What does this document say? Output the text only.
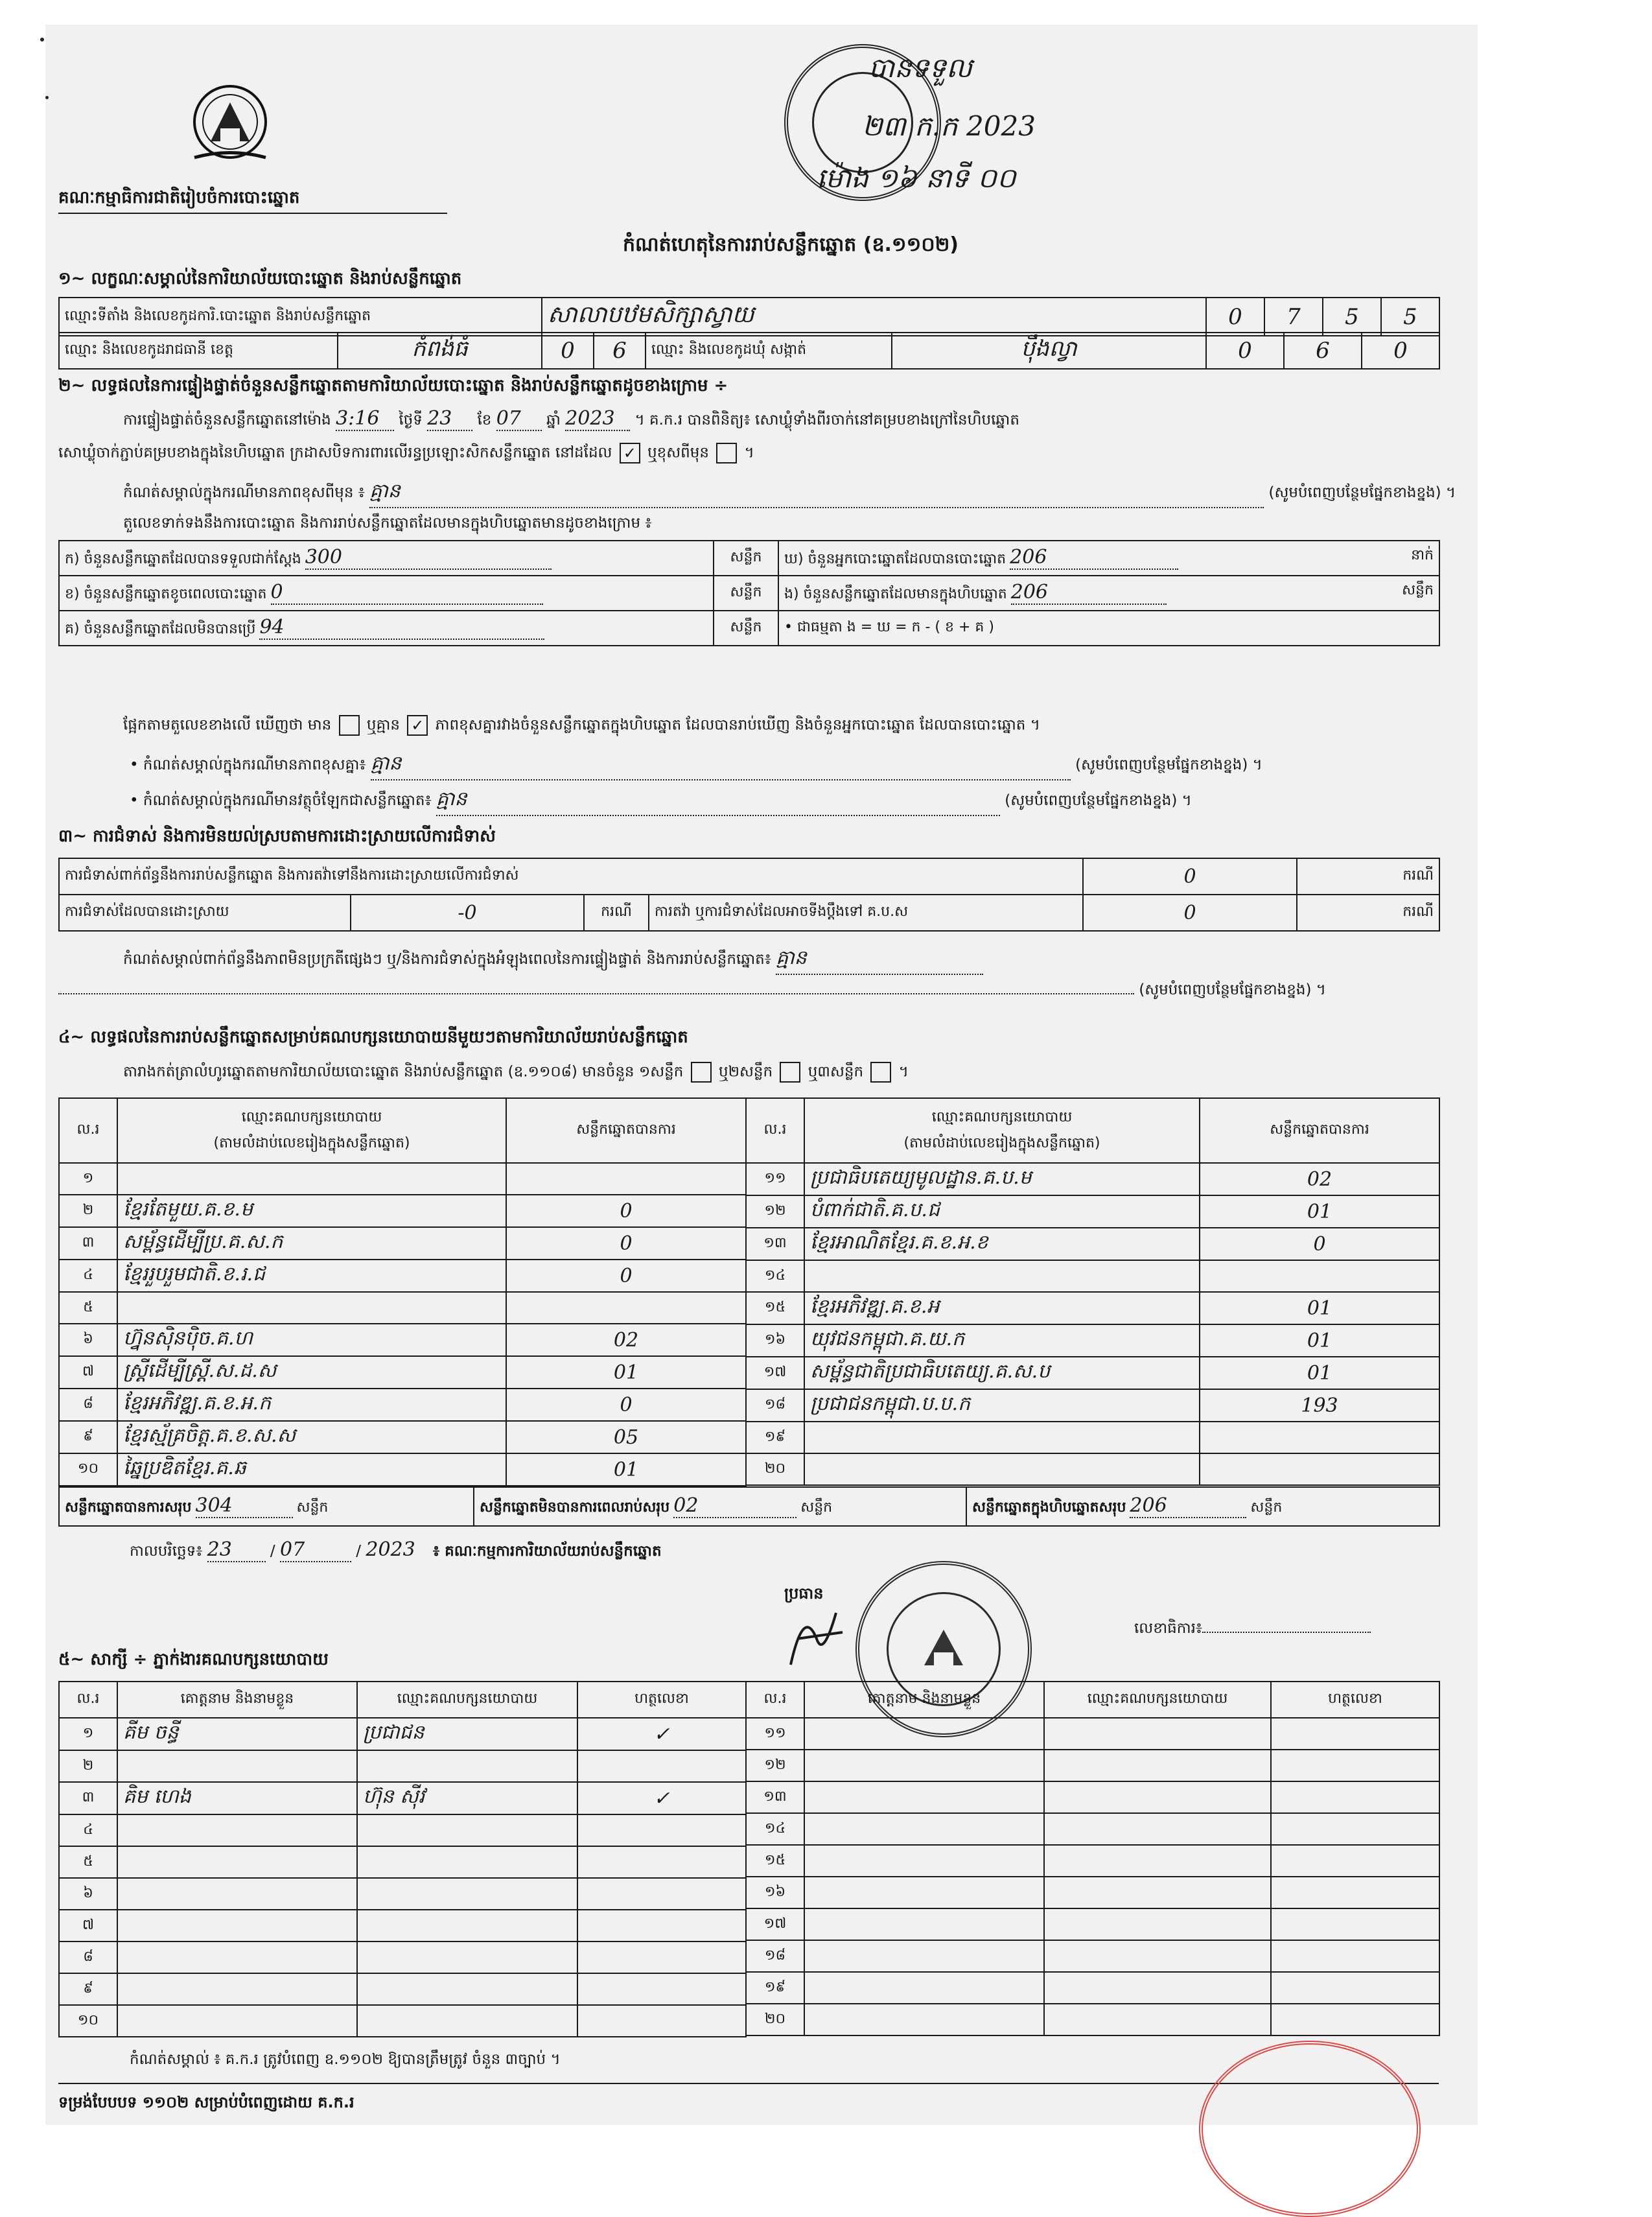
គណៈកម្មាធិការជាតិរៀបចំការបោះឆ្នោត
បានទទួល
២៣ ក.ក 2023
ម៉ោង ១៦ នាទី ០០
កំណត់ហេតុនៃការរាប់សន្លឹកឆ្នោត (ឧ.១១០២)
១~ លក្ខណៈសម្គាល់នៃការិយាល័យបោះឆ្នោត និងរាប់សន្លឹកឆ្នោត
ឈ្មោះទីតាំង និងលេខកូដការិ.បោះឆ្នោត និងរាប់សន្លឹកឆ្នោត	សាលាបឋមសិក្សាស្វាយ	0	7	5	5
ឈ្មោះ និងលេខកូដរាជធានី ខេត្ត	កំពង់ធំ	0	6	ឈ្មោះ និងលេខកូដឃុំ សង្កាត់	ប៉ឹងល្វា	0	6	0
២~ លទ្ធផលនៃការផ្ទៀងផ្ទាត់ចំនួនសន្លឹកឆ្នោតតាមការិយាល័យបោះឆ្នោត និងរាប់សន្លឹកឆ្នោតដូចខាងក្រោម ÷
ការផ្ទៀងផ្ទាត់ចំនួនសន្លឹកឆ្នោតនៅម៉ោង 3:16 ថ្ងៃទី 23 ខែ 07 ឆ្នាំ 2023 ។ គ.ក.រ បានពិនិត្យ៖ សោឃ្លុំទាំងពីរចាក់នៅគម្របខាងក្រៅនៃហិបឆ្នោត
សោឃ្លុំចាក់ភ្ជាប់គម្របខាងក្នុងនៃហិបឆ្នោត ក្រដាសបិទការពារលើរន្ធប្រឡោះសិកសន្លឹកឆ្នោត នៅដដែល ✓ ឬខុសពីមុន ។
កំណត់សម្គាល់ក្នុងករណីមានភាពខុសពីមុន ៖ គ្មាន	(សូមបំពេញបន្ថែមផ្នែកខាងខ្នង) ។
តួលេខទាក់ទងនឹងការបោះឆ្នោត និងការរាប់សន្លឹកឆ្នោតដែលមានក្នុងហិបឆ្នោតមានដូចខាងក្រោម ៖
ក) ចំនួនសន្លឹកឆ្នោតដែលបានទទួលជាក់ស្តែង 300	សន្លឹក	ឃ) ចំនួនអ្នកបោះឆ្នោតដែលបានបោះឆ្នោត 206 នាក់

ខ) ចំនួនសន្លឹកឆ្នោតខូចពេលបោះឆ្នោត 0	សន្លឹក	ង) ចំនួនសន្លឹកឆ្នោតដែលមានក្នុងហិបឆ្នោត 206 សន្លឹក

គ) ចំនួនសន្លឹកឆ្នោតដែលមិនបានប្រើ 94	សន្លឹក	• ជាធម្មតា ង = ឃ = ក - ( ខ + គ )
ផ្អែកតាមតួលេខខាងលើ ឃើញថា មាន ឬគ្មាន ✓ ភាពខុសគ្នារវាងចំនួនសន្លឹកឆ្នោតក្នុងហិបឆ្នោត ដែលបានរាប់ឃើញ និងចំនួនអ្នកបោះឆ្នោត ដែលបានបោះឆ្នោត ។
• កំណត់សម្គាល់ក្នុងករណីមានភាពខុសគ្នា៖ គ្មាន	(សូមបំពេញបន្ថែមផ្នែកខាងខ្នង) ។
• កំណត់សម្គាល់ក្នុងករណីមានវត្ថុចំឡែកជាសន្លឹកឆ្នោត៖ គ្មាន	(សូមបំពេញបន្ថែមផ្នែកខាងខ្នង) ។
៣~ ការជំទាស់ និងការមិនយល់ស្របតាមការដោះស្រាយលើការជំទាស់
ការជំទាស់ពាក់ព័ន្ធនឹងការរាប់សន្លឹកឆ្នោត និងការតវ៉ាទៅនឹងការដោះស្រាយលើការជំទាស់	0	ករណី
ការជំទាស់ដែលបានដោះស្រាយ	-0	ករណី	ការតវ៉ា ឬការជំទាស់ដែលអាចទីងប្តឹងទៅ គ.ប.ស	0	ករណី
កំណត់សម្គាល់ពាក់ព័ន្ធនឹងភាពមិនប្រក្រតីផ្សេងៗ ឬ/និងការជំទាស់ក្នុងអំឡុងពេលនៃការផ្ទៀងផ្ទាត់ និងការរាប់សន្លឹកឆ្នោត៖ គ្មាន
(សូមបំពេញបន្ថែមផ្នែកខាងខ្នង) ។
៤~ លទ្ធផលនៃការរាប់សន្លឹកឆ្នោតសម្រាប់គណបក្សនយោបាយនីមួយៗតាមការិយាល័យរាប់សន្លឹកឆ្នោត
តារាងកត់ត្រាលំហូរឆ្នោតតាមការិយាល័យបោះឆ្នោត និងរាប់សន្លឹកឆ្នោត (ឧ.១១០៨) មានចំនួន ១សន្លឹក ឬ២សន្លឹក ឬ៣សន្លឹក ។
ល.រ	ឈ្មោះគណបក្សនយោបាយ
(តាមលំដាប់លេខរៀងក្នុងសន្លឹកឆ្នោត)	សន្លឹកឆ្នោតបានការ
១		
២	ខ្មែរតែមួយ.គ.ខ.ម	0
៣	សម្ព័ន្ធដើម្បីប្រ.គ.ស.ក	0
៤	ខ្មែររួបរួមជាតិ.ខ.រ.ជ	0
៥		
៦	ហ្វ៊ុនស៊ិនប៉ិច.គ.ហ	02
៧	ស្ត្រីដើម្បីស្ត្រី.ស.ដ.ស	01
៨	ខ្មែរអភិវឌ្ឍ.គ.ខ.អ.ក	0
៩	ខ្មែរស្ម័គ្រចិត្ត.គ.ខ.ស.ស	05
១០	ឆ្នៃប្រឌិតខ្មែរ.គ.ឆ	01
ល.រ	ឈ្មោះគណបក្សនយោបាយ
(តាមលំដាប់លេខរៀងក្នុងសន្លឹកឆ្នោត)	សន្លឹកឆ្នោតបានការ
១១	ប្រជាធិបតេយ្យមូលដ្ឋាន.គ.ប.ម	02
១២	បំពាក់ជាតិ.គ.ប.ជ	01
១៣	ខ្មែរអាណិតខ្មែរ.គ.ខ.អ.ខ	0
១៤		
១៥	ខ្មែរអភិវឌ្ឍ.គ.ខ.អ	01
១៦	យុវជនកម្ពុជា.គ.យ.ក	01
១៧	សម្ព័ន្ធជាតិប្រជាធិបតេយ្យ.គ.ស.ប	01
១៨	ប្រជាជនកម្ពុជា.ប.ប.ក	193
១៩		
២០		
សន្លឹកឆ្នោតបានការសរុប 304	សន្លឹក	សន្លឹកឆ្នោតមិនបានការពេលរាប់សរុប 02	សន្លឹក	សន្លឹកឆ្នោតក្នុងហិបឆ្នោតសរុប 206	សន្លឹក
កាលបរិច្ឆេទ៖ 23 / 07	/ 2023 ៖ គណៈកម្មការការិយាល័យរាប់សន្លឹកឆ្នោត
ប្រធាន
លេខាធិការ៖
៥~ សាក្សី ÷ ភ្នាក់ងារគណបក្សនយោបាយ
ល.រ	គោត្តនាម និងនាមខ្លួន	ឈ្មោះគណបក្សនយោបាយ	ហត្ថលេខា
១	គីម ចន្ធី	ប្រជាជន	✓
២			
៣	គិម ហេង	ហ៊ុន ស៊ីវ	✓
៤			
៥			
៦			
៧			
៨			
៩			
១០			
ល.រ	គោត្តនាម និងនាមខ្លួន	ឈ្មោះគណបក្សនយោបាយ	ហត្ថលេខា
១១			
១២			
១៣			
១៤			
១៥			
១៦			
១៧			
១៨			
១៩			
២០			
កំណត់សម្គាល់ ៖ គ.ក.រ ត្រូវបំពេញ ឧ.១១០២ ឱ្យបានត្រឹមត្រូវ ចំនួន ៣ច្បាប់ ។
ទម្រង់បែបបទ ១១០២ សម្រាប់បំពេញដោយ គ.ក.រ
